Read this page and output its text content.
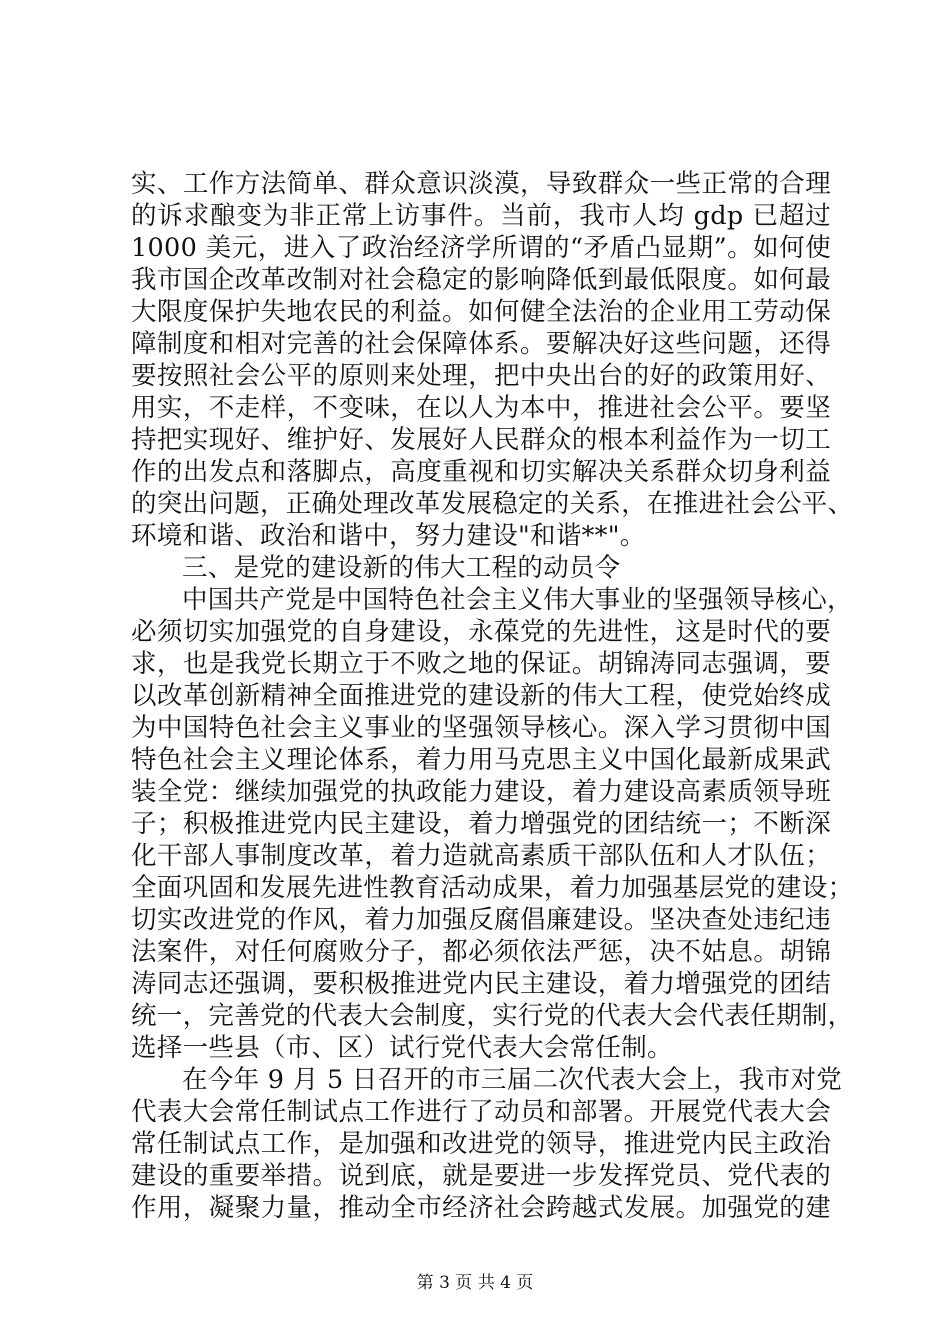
实、工作方法简单、群众意识淡漠，导致群众一些正常的合理
的诉求酿变为非正常上访事件。当前，我市人均 gdp 已超过
1000 美元，进入了政治经济学所谓的“矛盾凸显期”。如何使
我市国企改革改制对社会稳定的影响降低到最低限度。如何最
大限度保护失地农民的利益。如何健全法治的企业用工劳动保
障制度和相对完善的社会保障体系。要解决好这些问题，还得
要按照社会公平的原则来处理，把中央出台的好的政策用好、
用实，不走样，不变味，在以人为本中，推进社会公平。要坚
持把实现好、维护好、发展好人民群众的根本利益作为一切工
作的出发点和落脚点，高度重视和切实解决关系群众切身利益
的突出问题，正确处理改革发展稳定的关系，在推进社会公平、
环境和谐、政治和谐中，努力建设"和谐**"。
三、是党的建设新的伟大工程的动员令
中国共产党是中国特色社会主义伟大事业的坚强领导核心，
必须切实加强党的自身建设，永葆党的先进性，这是时代的要
求，也是我党长期立于不败之地的保证。胡锦涛同志强调，要
以改革创新精神全面推进党的建设新的伟大工程，使党始终成
为中国特色社会主义事业的坚强领导核心。深入学习贯彻中国
特色社会主义理论体系，着力用马克思主义中国化最新成果武
装全党：继续加强党的执政能力建设，着力建设高素质领导班
子；积极推进党内民主建设，着力增强党的团结统一；不断深
化干部人事制度改革，着力造就高素质干部队伍和人才队伍；
全面巩固和发展先进性教育活动成果，着力加强基层党的建设；
切实改进党的作风，着力加强反腐倡廉建设。坚决查处违纪违
法案件，对任何腐败分子，都必须依法严惩，决不姑息。胡锦
涛同志还强调，要积极推进党内民主建设，着力增强党的团结
统一，完善党的代表大会制度，实行党的代表大会代表任期制，
选择一些县（市、区）试行党代表大会常任制。
在今年 9 月 5 日召开的市三届二次代表大会上，我市对党
代表大会常任制试点工作进行了动员和部署。开展党代表大会
常任制试点工作，是加强和改进党的领导，推进党内民主政治
建设的重要举措。说到底，就是要进一步发挥党员、党代表的
作用，凝聚力量，推动全市经济社会跨越式发展。加强党的建
第 3 页 共 4 页
